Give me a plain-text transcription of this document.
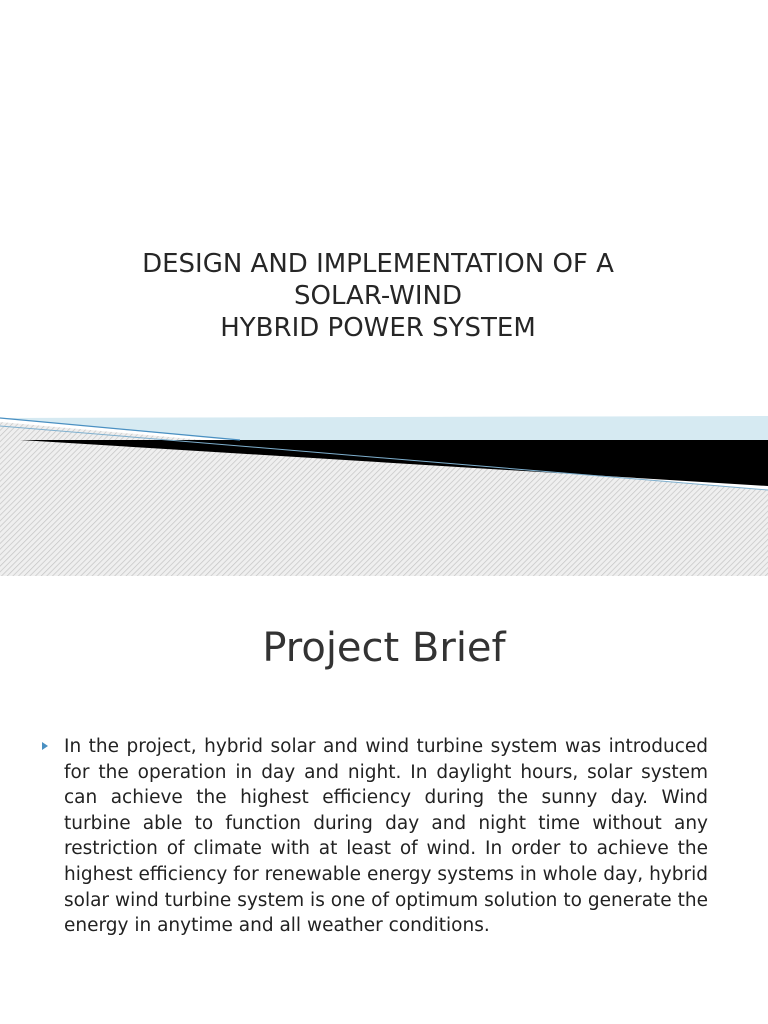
DESIGN AND IMPLEMENTATION OF A
SOLAR-WIND
HYBRID POWER SYSTEM
Project Brief

In the project, hybrid solar and wind turbine system was introduced for the operation in day and night. In daylight hours, solar system can achieve the highest efficiency during the sunny day. Wind turbine able to function during day and night time without any restriction of climate with at least of wind. In order to achieve the highest efficiency for renewable energy systems in whole day, hybrid solar wind turbine system is one of optimum solution to generate the energy in anytime and all weather conditions.
